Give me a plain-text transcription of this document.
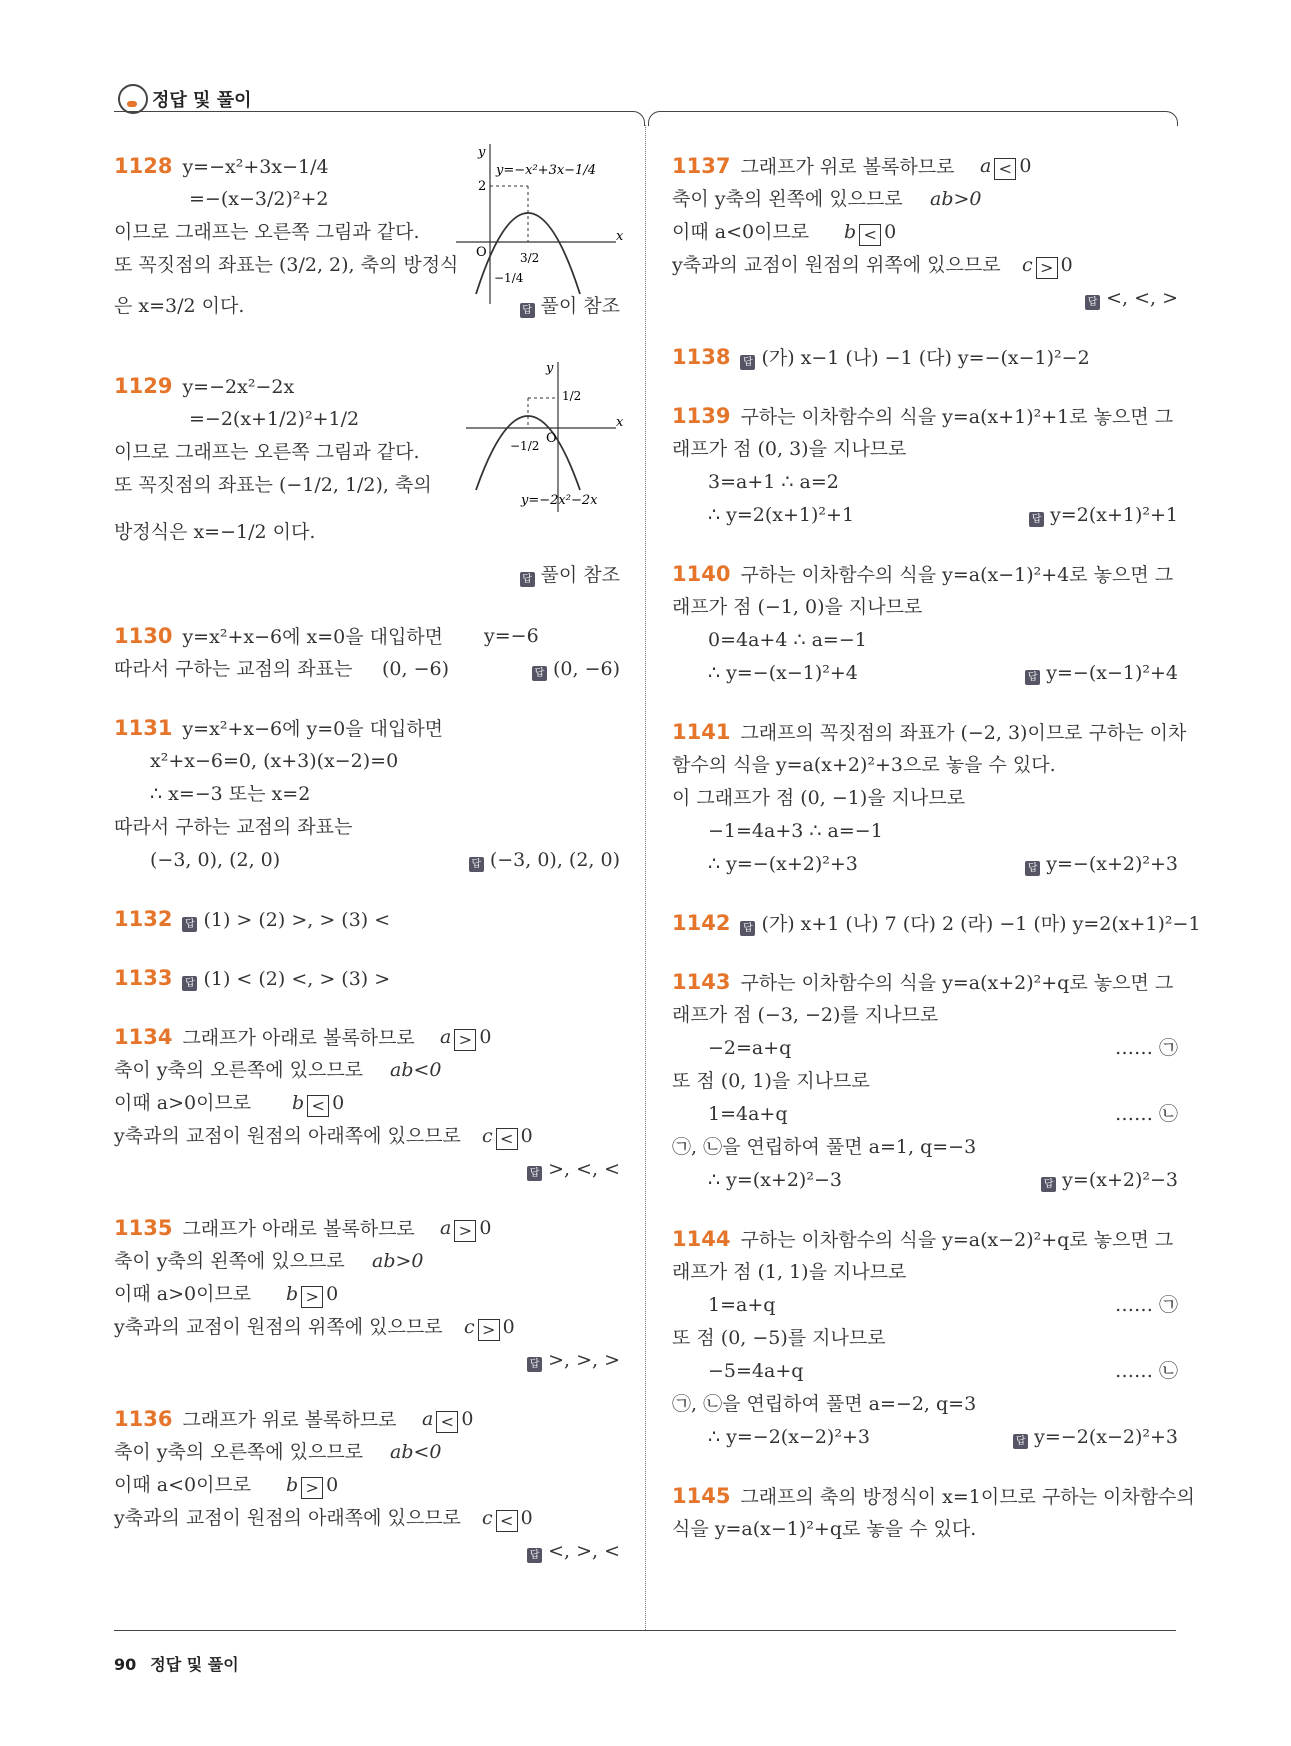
정답 및 풀이
1128 y=−x²+3x−1/4
=−(x−3/2)²+2
이므로 그래프는 오른쪽 그림과 같다.
또 꼭짓점의 좌표는 (3/2, 2), 축의 방정식
은 x=3/2 이다.	답 풀이 참조
y=−x²+3x−1/4
y
x
O
2
3/2
−1/4
1129 y=−2x²−2x
=−2(x+1/2)²+1/2
이므로 그래프는 오른쪽 그림과 같다.
또 꼭짓점의 좌표는 (−1/2, 1/2), 축의
방정식은 x=−1/2 이다.
답 풀이 참조
y
x
O
1/2
−1/2
y=−2x²−2x
1130 y=x²+x−6에 x=0을 대입하면 y=−6
따라서 구하는 교점의 좌표는 (0, −6)	답 (0, −6)
1131 y=x²+x−6에 y=0을 대입하면
x²+x−6=0, (x+3)(x−2)=0
∴ x=−3 또는 x=2
따라서 구하는 교점의 좌표는
(−3, 0), (2, 0)	답 (−3, 0), (2, 0)
1132 답 (1) > (2) >, > (3) <
1133 답 (1) < (2) <, > (3) >
1134 그래프가 아래로 볼록하므로 a > 0
축이 y축의 오른쪽에 있으므로 ab<0
이때 a>0이므로 b < 0
y축과의 교점이 원점의 아래쪽에 있으므로 c < 0
답 >, <, <
1135 그래프가 아래로 볼록하므로 a > 0
축이 y축의 왼쪽에 있으므로 ab>0
이때 a>0이므로 b > 0
y축과의 교점이 원점의 위쪽에 있으므로 c > 0
답 >, >, >
1136 그래프가 위로 볼록하므로 a < 0
축이 y축의 오른쪽에 있으므로 ab<0
이때 a<0이므로 b > 0
y축과의 교점이 원점의 아래쪽에 있으므로 c < 0
답 <, >, <
1137 그래프가 위로 볼록하므로 a < 0
축이 y축의 왼쪽에 있으므로 ab>0
이때 a<0이므로 b < 0
y축과의 교점이 원점의 위쪽에 있으므로 c > 0
답 <, <, >
1138 답 (가) x−1 (나) −1 (다) y=−(x−1)²−2
1139 구하는 이차함수의 식을 y=a(x+1)²+1로 놓으면 그
래프가 점 (0, 3)을 지나므로
3=a+1 ∴ a=2
∴ y=2(x+1)²+1	답 y=2(x+1)²+1
1140 구하는 이차함수의 식을 y=a(x−1)²+4로 놓으면 그
래프가 점 (−1, 0)을 지나므로
0=4a+4 ∴ a=−1
∴ y=−(x−1)²+4	답 y=−(x−1)²+4
1141 그래프의 꼭짓점의 좌표가 (−2, 3)이므로 구하는 이차
함수의 식을 y=a(x+2)²+3으로 놓을 수 있다.
이 그래프가 점 (0, −1)을 지나므로
−1=4a+3 ∴ a=−1
∴ y=−(x+2)²+3	답 y=−(x+2)²+3
1142 답 (가) x+1 (나) 7 (다) 2 (라) −1 (마) y=2(x+1)²−1
1143 구하는 이차함수의 식을 y=a(x+2)²+q로 놓으면 그
래프가 점 (−3, −2)를 지나므로
−2=a+q	…… ㉠
또 점 (0, 1)을 지나므로
1=4a+q	…… ㉡
㉠, ㉡을 연립하여 풀면 a=1, q=−3
∴ y=(x+2)²−3	답 y=(x+2)²−3
1144 구하는 이차함수의 식을 y=a(x−2)²+q로 놓으면 그
래프가 점 (1, 1)을 지나므로
1=a+q	…… ㉠
또 점 (0, −5)를 지나므로
−5=4a+q	…… ㉡
㉠, ㉡을 연립하여 풀면 a=−2, q=3
∴ y=−2(x−2)²+3	답 y=−2(x−2)²+3
1145 그래프의 축의 방정식이 x=1이므로 구하는 이차함수의
식을 y=a(x−1)²+q로 놓을 수 있다.
90 정답 및 풀이
